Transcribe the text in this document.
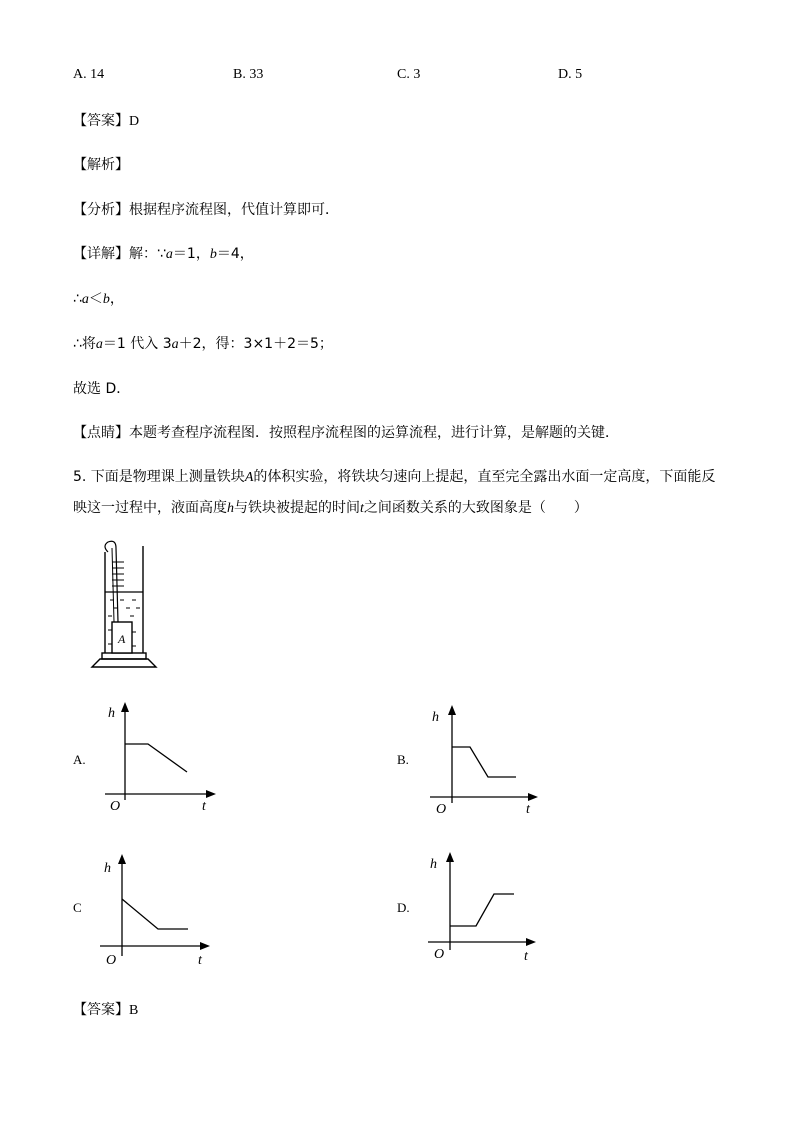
A. 14	B. 33	C. 3	D. 5
【答案】D
【解析】
【分析】根据程序流程图，代值计算即可．
【详解】解：∵a＝1，b＝4，
∴a＜b，
∴将a＝1 代入 3a＋2，得：3×1＋2＝5；
故选 D．
【点睛】本题考查程序流程图．按照程序流程图的运算流程，进行计算，是解题的关键．
5. 下面是物理课上测量铁块A的体积实验，将铁块匀速向上提起，直至完全露出水面一定高度，下面能反
映这一过程中，液面高度h与铁块被提起的时间t之间函数关系的大致图象是（　　）
A
A.
h
t
O
B.
h
t
O
C
h
t
O
D.
h
t
O
【答案】B
